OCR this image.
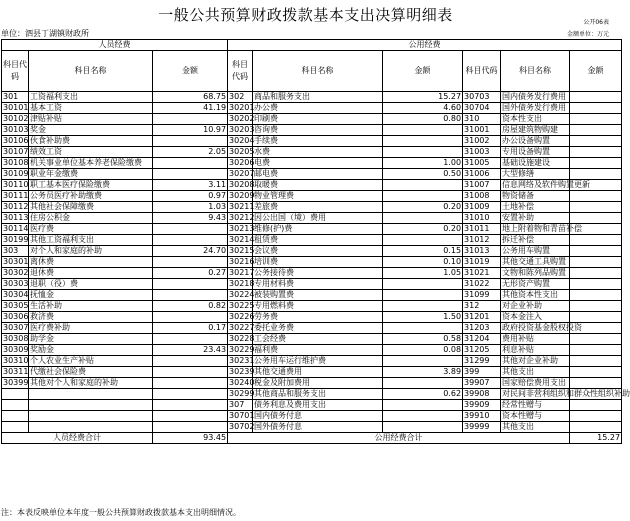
一般公共预算财政拨款基本支出决算明细表	公开06表
单位：泗县丁湖镇财政所	金额单位：万元
人员经费			公用经费					
科目代码	科目名称	金额	科目代码	科目名称	金额	科目代码	科目名称	金额
301	工资福利支出	68.75	302	商品和服务支出	15.27	30703	国内债务发行费用	
30101	基本工资	41.19	30201	办公费	4.60	30704	国外债务发行费用	
30102	津贴补贴		30202	印刷费	0.80	310	资本性支出	
30103	奖金	10.97	30203	咨询费		31001	房屋建筑物购建	
30106	伙食补助费		30204	手续费		31002	办公设备购置	
30107	绩效工资	2.05	30205	水费		31003	专用设备购置	
30108	机关事业单位基本养老保险缴费		30206	电费	1.00	31005	基础设施建设	
30109	职业年金缴费		30207	邮电费	0.50	31006	大型修缮	
30110	职工基本医疗保险缴费	3.11	30208	取暖费		31007	信息网络及软件购置更新	
30111	公务员医疗补助缴费	0.97	30209	物业管理费		31008	物资储备	
30112	其他社会保障缴费	1.03	30211	差旅费	0.20	31009	土地补偿	
30113	住房公积金	9.43	30212	因公出国（境）费用		31010	安置补助	
30114	医疗费		30213	维修(护)费	0.20	31011	地上附着物和青苗补偿	
30199	其他工资福利支出		30214	租赁费		31012	拆迁补偿	
303	对个人和家庭的补助	24.70	30215	会议费	0.15	31013	公务用车购置	
30301	离休费		30216	培训费	0.10	31019	其他交通工具购置	
30302	退休费	0.27	30217	公务接待费	1.05	31021	文物和陈列品购置	
30303	退职（役）费		30218	专用材料费		31022	无形资产购置	
30304	抚恤金		30224	被装购置费		31099	其他资本性支出	
30305	生活补助	0.82	30225	专用燃料费		312	对企业补助	
30306	救济费		30226	劳务费	1.50	31201	资本金注入	
30307	医疗费补助	0.17	30227	委托业务费		31203	政府投资基金股权投资	
30308	助学金		30228	工会经费	0.58	31204	费用补贴	
30309	奖励金	23.43	30229	福利费	0.08	31205	利息补贴	
30310	个人农业生产补贴		30231	公务用车运行维护费		31299	其他对企业补助	
30311	代缴社会保险费		30239	其他交通费用	3.89	399	其他支出	
30399	其他对个人和家庭的补助		30240	税金及附加费用		39907	国家赔偿费用支出	
			30299	其他商品和服务支出	0.62	39908	对民间非营利组织和群众性组织补助	
			307	债务利息及费用支出		39909	经常性赠与	
			30701	国内债务付息		39910	资本性赠与	
			30702	国外债务付息		39999	其他支出	
人员经费合计		93.45	公用经费合计					15.27
注：本表反映单位本年度一般公共预算财政拨款基本支出明细情况。
